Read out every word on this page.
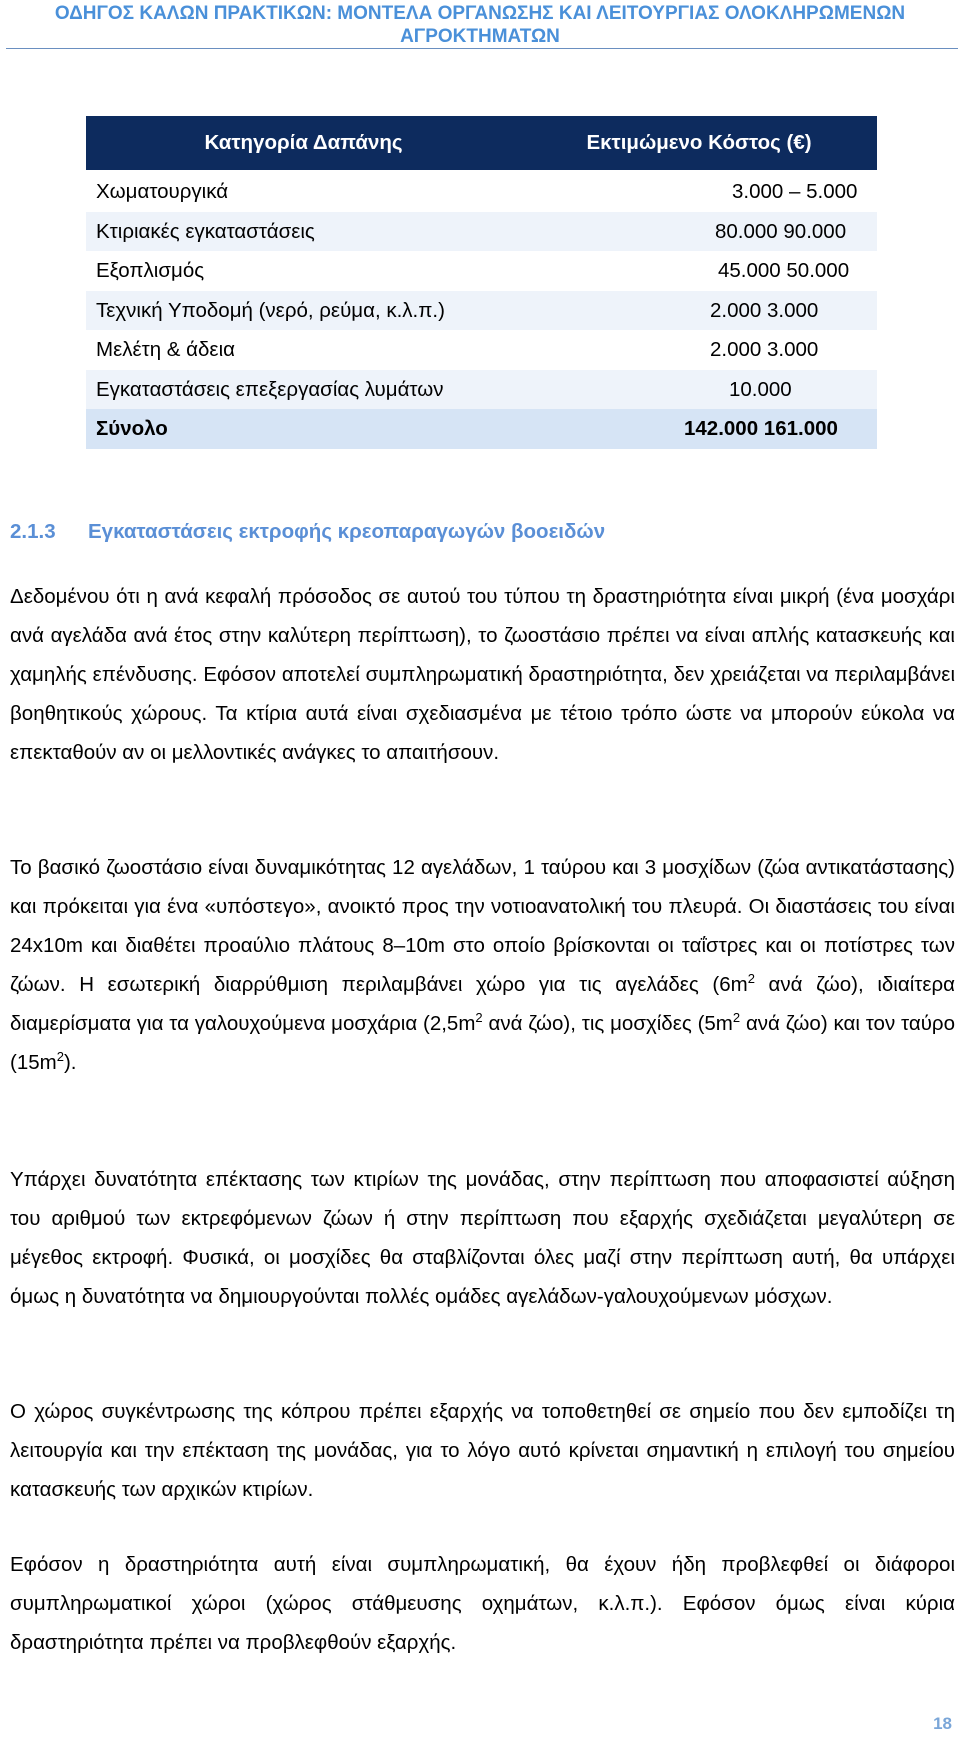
ΟΔΗΓΟΣ ΚΑΛΩΝ ΠΡΑΚΤΙΚΩΝ: ΜΟΝΤΕΛΑ ΟΡΓΑΝΩΣΗΣ ΚΑΙ ΛΕΙΤΟΥΡΓΙΑΣ ΟΛΟΚΛΗΡΩΜΕΝΩΝ
ΑΓΡΟΚΤΗΜΑΤΩΝ
Κατηγορία Δαπάνης	Εκτιμώμενο Κόστος (€)
Χωματουργικά	3.000 – 5.000
Κτιριακές εγκαταστάσεις	80.000 90.000
Εξοπλισμός	45.000 50.000
Τεχνική Υποδομή (νερό, ρεύμα, κ.λ.π.)	2.000 3.000
Μελέτη & άδεια	2.000 3.000
Εγκαταστάσεις επεξεργασίας λυμάτων	10.000
Σύνολο	142.000 161.000
2.1.3 Εγκαταστάσεις εκτροφής κρεοπαραγωγών βοοειδών

Δεδομένου ότι η ανά κεφαλή πρόσοδος σε αυτού του τύπου τη δραστηριότητα είναι μικρή (ένα μοσχάρι ανά αγελάδα ανά έτος στην καλύτερη περίπτωση), το ζωοστάσιο πρέπει να είναι απλής κατασκευής και χαμηλής επένδυσης. Εφόσον αποτελεί συμπληρωματική δραστηριότητα, δεν χρειάζεται να περιλαμβάνει βοηθητικούς χώρους. Τα κτίρια αυτά είναι σχεδιασμένα με τέτοιο τρόπο ώστε να μπορούν εύκολα να επεκταθούν αν οι μελλοντικές ανάγκες το απαιτήσουν.

Το βασικό ζωοστάσιο είναι δυναμικότητας 12 αγελάδων, 1 ταύρου και 3 μοσχίδων (ζώα αντικατάστασης) και πρόκειται για ένα «υπόστεγο», ανοικτό προς την νοτιοανατολική του πλευρά. Οι διαστάσεις του είναι 24x10m και διαθέτει προαύλιο πλάτους 8–10m στο οποίο βρίσκονται οι ταΐστρες και οι ποτίστρες των ζώων. Η εσωτερική διαρρύθμιση περιλαμβάνει χώρο για τις αγελάδες ($6m^2$ ανά ζώο), ιδιαίτερα διαμερίσματα για τα γαλουχούμενα μοσχάρια ($2,5m^2$ ανά ζώο), τις μοσχίδες ($5m^2$ ανά ζώο) και τον ταύρο $(15m^2)$.

Υπάρχει δυνατότητα επέκτασης των κτιρίων της μονάδας, στην περίπτωση που αποφασιστεί αύξηση του αριθμού των εκτρεφόμενων ζώων ή στην περίπτωση που εξαρχής σχεδιάζεται μεγαλύτερη σε μέγεθος εκτροφή. Φυσικά, οι μοσχίδες θα σταβλίζονται όλες μαζί στην περίπτωση αυτή, θα υπάρχει όμως η δυνατότητα να δημιουργούνται πολλές ομάδες αγελάδων-γαλουχούμενων μόσχων.

Ο χώρος συγκέντρωσης της κόπρου πρέπει εξαρχής να τοποθετηθεί σε σημείο που δεν εμποδίζει τη λειτουργία και την επέκταση της μονάδας, για το λόγο αυτό κρίνεται σημαντική η επιλογή του σημείου κατασκευής των αρχικών κτιρίων.

Εφόσον η δραστηριότητα αυτή είναι συμπληρωματική, θα έχουν ήδη προβλεφθεί οι διάφοροι συμπληρωματικοί χώροι (χώρος στάθμευσης οχημάτων, κ.λ.π.). Εφόσον όμως είναι κύρια δραστηριότητα πρέπει να προβλεφθούν εξαρχής.

18
